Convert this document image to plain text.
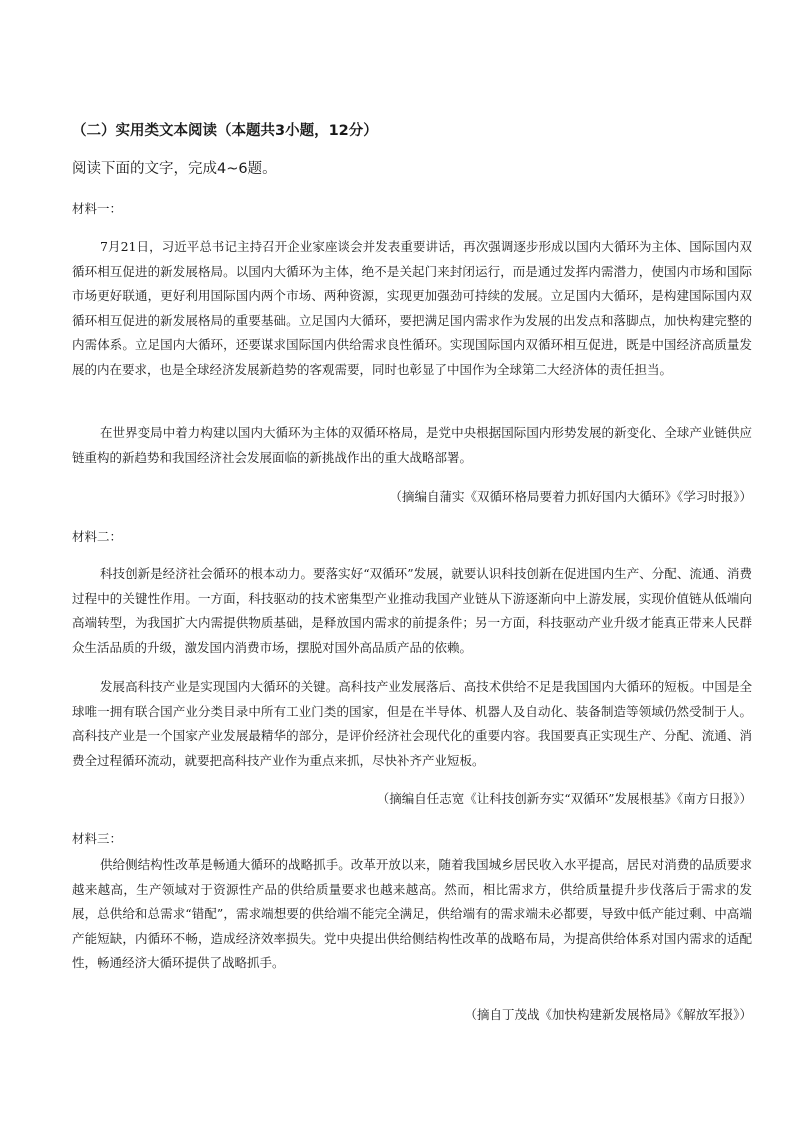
（二）实用类文本阅读（本题共3小题，12分）

阅读下面的文字，完成4~6题。

材料一：

7月21日，习近平总书记主持召开企业家座谈会并发表重要讲话，再次强调逐步形成以国内大循环为主体、国际国内双循环相互促进的新发展格局。以国内大循环为主体，绝不是关起门来封闭运行，而是通过发挥内需潜力，使国内市场和国际市场更好联通，更好利用国际国内两个市场、两种资源，实现更加强劲可持续的发展。立足国内大循环，是构建国际国内双循环相互促进的新发展格局的重要基础。立足国内大循环，要把满足国内需求作为发展的出发点和落脚点，加快构建完整的内需体系。立足国内大循环，还要谋求国际国内供给需求良性循环。实现国际国内双循环相互促进，既是中国经济高质量发展的内在要求，也是全球经济发展新趋势的客观需要，同时也彰显了中国作为全球第二大经济体的责任担当。

在世界变局中着力构建以国内大循环为主体的双循环格局，是党中央根据国际国内形势发展的新变化、全球产业链供应链重构的新趋势和我国经济社会发展面临的新挑战作出的重大战略部署。

（摘编自蒲实《双循环格局要着力抓好国内大循环》《学习时报》）

材料二：

科技创新是经济社会循环的根本动力。要落实好“双循环”发展，就要认识科技创新在促进国内生产、分配、流通、消费过程中的关键性作用。一方面，科技驱动的技术密集型产业推动我国产业链从下游逐渐向中上游发展，实现价值链从低端向高端转型，为我国扩大内需提供物质基础，是释放国内需求的前提条件；另一方面，科技驱动产业升级才能真正带来人民群众生活品质的升级，激发国内消费市场，摆脱对国外高品质产品的依赖。

发展高科技产业是实现国内大循环的关键。高科技产业发展落后、高技术供给不足是我国国内大循环的短板。中国是全球唯一拥有联合国产业分类目录中所有工业门类的国家，但是在半导体、机器人及自动化、装备制造等领域仍然受制于人。高科技产业是一个国家产业发展最精华的部分，是评价经济社会现代化的重要内容。我国要真正实现生产、分配、流通、消费全过程循环流动，就要把高科技产业作为重点来抓，尽快补齐产业短板。

（摘编自任志宽《让科技创新夯实“双循环”发展根基》《南方日报》）

材料三：

供给侧结构性改革是畅通大循环的战略抓手。改革开放以来，随着我国城乡居民收入水平提高，居民对消费的品质要求越来越高，生产领域对于资源性产品的供给质量要求也越来越高。然而，相比需求方，供给质量提升步伐落后于需求的发展，总供给和总需求“错配”，需求端想要的供给端不能完全满足，供给端有的需求端未必都要，导致中低产能过剩、中高端产能短缺，内循环不畅，造成经济效率损失。党中央提出供给侧结构性改革的战略布局，为提高供给体系对国内需求的适配性，畅通经济大循环提供了战略抓手。

（摘自丁茂战《加快构建新发展格局》《解放军报》）
